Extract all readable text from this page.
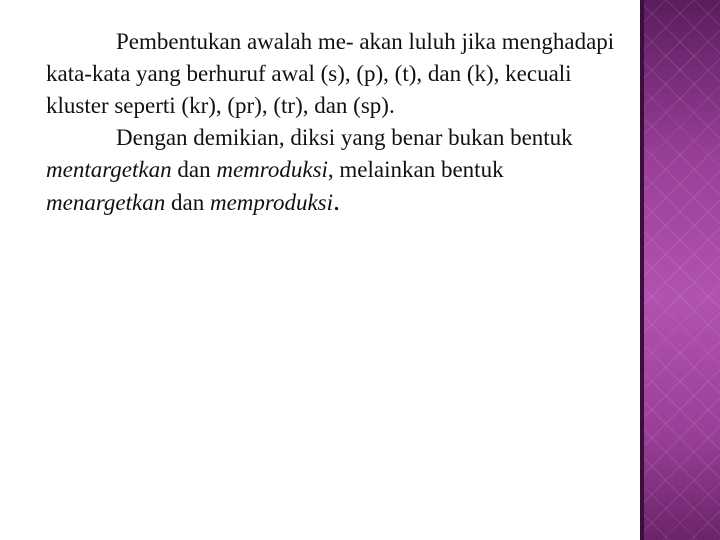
Pembentukan awalah me- akan luluh jika menghadapi
kata-kata yang berhuruf awal (s), (p), (t), dan (k), kecuali
kluster seperti (kr), (pr), (tr), dan (sp).
Dengan demikian, diksi yang benar bukan bentuk
mentargetkan dan memroduksi, melainkan bentuk
menargetkan dan memproduksi.
